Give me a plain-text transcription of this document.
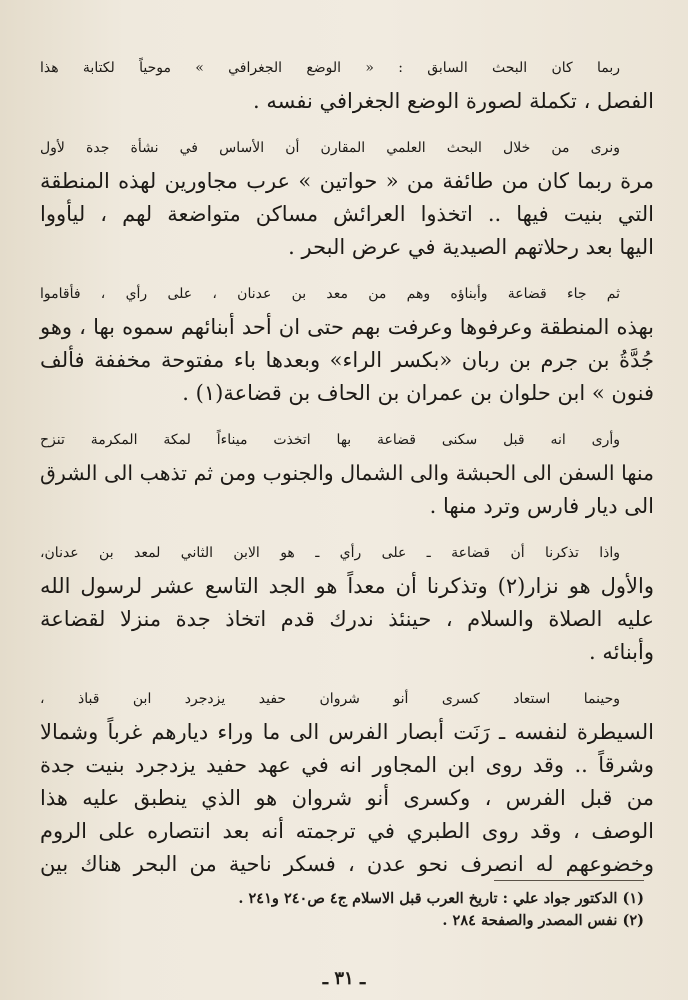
ربما كان البحث السابق : « الوضع الجغرافي » موحياً لكتابة هذا
الفصل ، تكملة لصورة الوضع الجغرافي نفسه .

ونرى من خلال البحث العلمي المقارن أن الأساس في نشأة جدة لأول
مرة ربما كان من طائفة من « حواتين » عرب مجاورين لهذه المنطقة
التي بنيت فيها .. اتخذوا العرائش مساكن متواضعة لهم ، ليأووا
اليها بعد رحلاتهم الصيدية في عرض البحر .

ثم جاء قضاعة وأبناؤه وهم من معد بن عدنان ، على رأي ، فأقاموا
بهذه المنطقة وعرفوها وعرفت بهم حتى ان أحد أبنائهم سموه بها ، وهو
جُدَّةُ بن جرم بن ربان «بكسر الراء» وبعدها باء مفتوحة مخففة فألف
فنون » ابن حلوان بن عمران بن الحاف بن قضاعة(١) .

وأرى انه قبل سكنى قضاعة بها اتخذت ميناءاً لمكة المكرمة تنزح
منها السفن الى الحبشة والى الشمال والجنوب ومن ثم تذهب الى الشرق
الى ديار فارس وترد منها .

واذا تذكرنا أن قضاعة ـ على رأي ـ هو الابن الثاني لمعد بن عدنان،
والأول هو نزار(٢) وتذكرنا أن معداً هو الجد التاسع عشر لرسول الله
عليه الصلاة والسلام ، حينئذ ندرك قدم اتخاذ جدة منزلا لقضاعة
وأبنائه .

وحينما استعاد كسرى أنو شروان حفيد يزدجرد ابن قباذ ،
السيطرة لنفسه ـ رَنَت أبصار الفرس الى ما وراء ديارهم غرباً وشمالا
وشرقاً .. وقد روى ابن المجاور انه في عهد حفيد يزدجرد بنيت جدة
من قبل الفرس ، وكسرى أنو شروان هو الذي ينطبق عليه هذا
الوصف ، وقد روى الطبري في ترجمته أنه بعد انتصاره على الروم
وخضوعهم له انصرف نحو عدن ، فسكر ناحية من البحر هناك بين

(١) الدكتور جواد علي : تاريخ العرب قبل الاسلام ج٤ ص٢٤٠ و٢٤١ .
(٢) نفس المصدر والصفحة ٢٨٤ .
ـ ٣١ ـ
